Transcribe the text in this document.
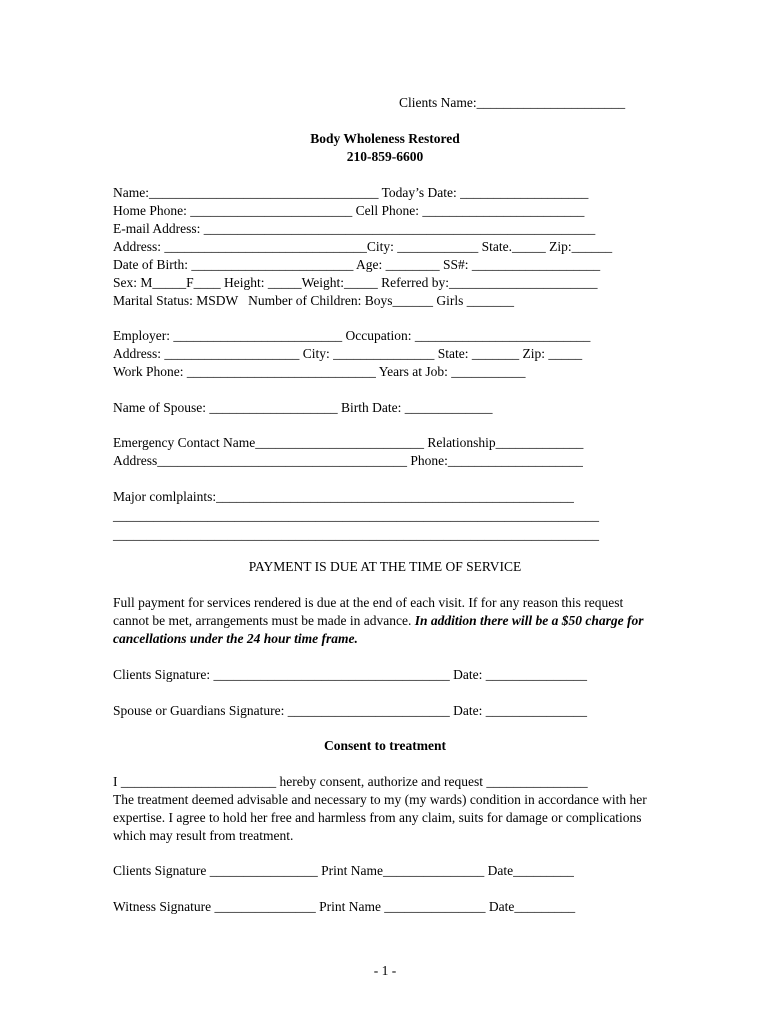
Clients Name:______________________
Body Wholeness Restored
210-859-6600
Name:__________________________________ Today’s Date: ___________________
Home Phone: ________________________ Cell Phone: ________________________
E-mail Address: __________________________________________________________
Address: ______________________________City: ____________ State._____ Zip:______
Date of Birth: ________________________ Age: ________ SS#: ___________________
Sex: M_____F____ Height: _____Weight:_____ Referred by:______________________
Marital Status: MSDW   Number of Children: Boys______ Girls _______
Employer: _________________________ Occupation: __________________________
Address: ____________________ City: _______________ State: _______ Zip: _____
Work Phone: ____________________________ Years at Job: ___________
Name of Spouse: ___________________ Birth Date: _____________
Emergency Contact Name_________________________ Relationship_____________
Address_____________________________________ Phone:____________________
Major comlplaints:_____________________________________________________
________________________________________________________________________
________________________________________________________________________
PAYMENT IS DUE AT THE TIME OF SERVICE
Full payment for services rendered is due at the end of each visit. If for any reason this request cannot be met, arrangements must be made in advance. In addition there will be a $50 charge for cancellations under the 24 hour time frame.
Clients Signature: ___________________________________ Date: _______________
Spouse or Guardians Signature: ________________________ Date: _______________
Consent to treatment
I _______________________ hereby consent, authorize and request _______________
The treatment deemed advisable and necessary to my (my wards) condition in accordance with her expertise. I agree to hold her free and harmless from any claim, suits for damage or complications which may result from treatment.
Clients Signature ________________ Print Name_______________ Date_________
Witness Signature _______________ Print Name _______________ Date_________
- 1 -
